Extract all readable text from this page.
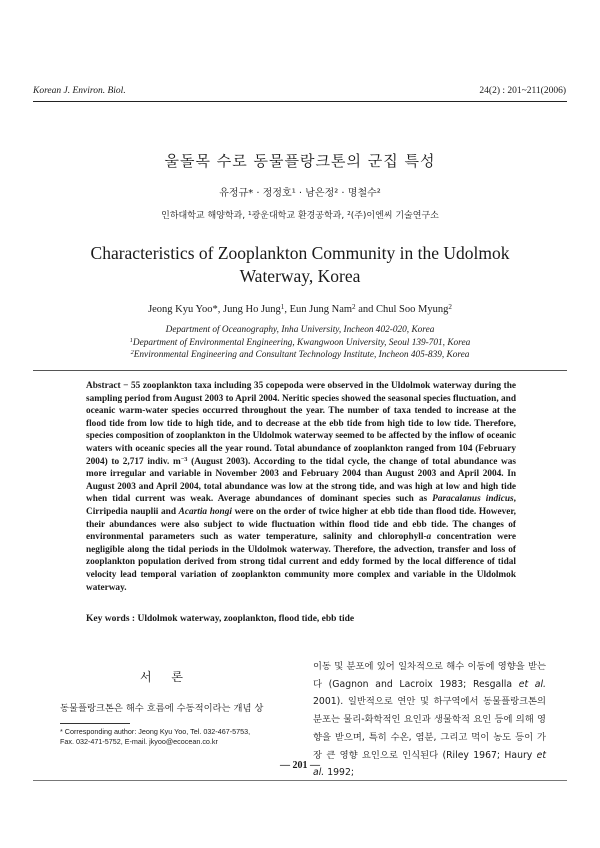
Korean J. Environ. Biol.	24(2) : 201~211(2006)
울돌목 수로 동물플랑크톤의 군집 특성
유정규* · 정정호¹ · 남은정² · 명철수²
인하대학교 해양학과, ¹광운대학교 환경공학과, ²(주)이엔씨 기술연구소
Characteristics of Zooplankton Community in the Udolmok
Waterway, Korea
Jeong Kyu Yoo*, Jung Ho Jung$^1$, Eun Jung Nam$^2$ and Chul Soo Myung$^2$
Department of Oceanography, Inha University, Incheon 402-020, Korea
$^1$Department of Environmental Engineering, Kwangwoon University, Seoul 139-701, Korea
$^2$Environmental Engineering and Consultant Technology Institute, Incheon 405-839, Korea

Abstract − 55 zooplankton taxa including 35 copepoda were observed in the Uldolmok waterway during the sampling period from August 2003 to April 2004. Neritic species showed the seasonal species fluctuation, and oceanic warm-water species occurred throughout the year. The number of taxa tended to increase at the flood tide from low tide to high tide, and to decrease at the ebb tide from high tide to low tide. Therefore, species composition of zooplankton in the Uldolmok waterway seemed to be affected by the inflow of oceanic waters with oceanic species all the year round. Total abundance of zooplankton ranged from 104 (February 2004) to 2,717 indiv. $m^{-3}$ (August 2003). According to the tidal cycle, the change of total abundance was more irregular and variable in November 2003 and February 2004 than August 2003 and April 2004. In August 2003 and April 2004, total abundance was low at the strong tide, and was high at low and high tide when tidal current was weak. Average abundances of dominant species such as Paracalanus indicus, Cirripedia nauplii and Acartia hongi were on the order of twice higher at ebb tide than flood tide. However, their abundances were also subject to wide fluctuation within flood tide and ebb tide. The changes of environmental parameters such as water temperature, salinity and chlorophyll-a concentration were negligible along the tidal periods in the Uldolmok waterway. Therefore, the advection, transfer and loss of zooplankton population derived from strong tidal current and eddy formed by the local difference of tidal velocity lead temporal variation of zooplankton community more complex and variable in the Uldolmok waterway.

Key words : Uldolmok waterway, zooplankton, flood tide, ebb tide

서 론

동물플랑크톤은 해수 흐름에 수동적이라는 개념 상

* Corresponding author: Jeong Kyu Yoo, Tel. 032-467-5753,
Fax. 032-471-5752, E-mail. jkyoo@ecocean.co.kr

이동 및 분포에 있어 일차적으로 해수 이동에 영향을 받는다 (Gagnon and Lacroix 1983; Resgalla et al. 2001). 일반적으로 연안 및 하구역에서 동물플랑크톤의 분포는 물리-화학적인 요인과 생물학적 요인 등에 의해 영향을 받으며, 특히 수온, 염분, 그리고 먹이 농도 등이 가장 큰 영향 요인으로 인식된다 (Riley 1967; Haury et al. 1992;

— 201 —
